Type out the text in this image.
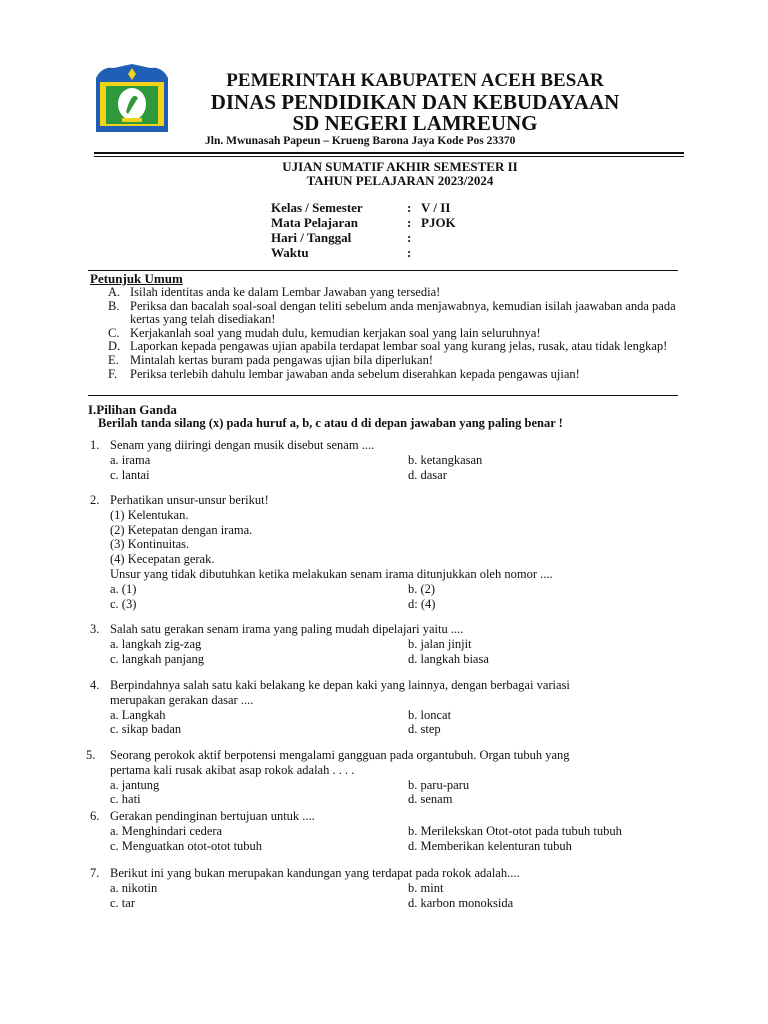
PEMERINTAH KABUPATEN ACEH BESAR
DINAS PENDIDIKAN DAN KEBUDAYAAN
SD NEGERI LAMREUNG
Jln. Mwunasah Papeun – Krueng Barona Jaya Kode Pos 23370
UJIAN SUMATIF AKHIR SEMESTER II
TAHUN PELAJARAN 2023/2024
Kelas / Semester	: V / II
Mata Pelajaran	: PJOK
Hari / Tanggal	:
Waktu	:
Petunjuk Umum
A. Isilah identitas anda ke dalam Lembar Jawaban yang tersedia!
B. Periksa dan bacalah soal-soal dengan teliti sebelum anda menjawabnya, kemudian isilah jaawaban anda pada kertas yang telah disediakan!
C. Kerjakanlah soal yang mudah dulu, kemudian kerjakan soal yang lain seluruhnya!
D. Laporkan kepada pengawas ujian apabila terdapat lembar soal yang kurang jelas, rusak, atau tidak lengkap!
E. Mintalah kertas buram pada pengawas ujian bila diperlukan!
F.	Periksa terlebih dahulu lembar jawaban anda sebelum diserahkan kepada pengawas ujian!
I.Pilihan Ganda
Berilah tanda silang (x) pada huruf a, b, c atau d di depan jawaban yang paling benar !
1. Senam yang diiringi dengan musik disebut senam ....
a. irama	b. ketangkasan
c. lantai	d. dasar
2. Perhatikan unsur-unsur berikut!
(1) Kelentukan.
(2) Ketepatan dengan irama.
(3) Kontinuitas.
(4) Kecepatan gerak.
Unsur yang tidak dibutuhkan ketika melakukan senam irama ditunjukkan oleh nomor ....
a. (1)	b. (2)
c. (3)	d: (4)
3. Salah satu gerakan senam irama yang paling mudah dipelajari yaitu ....
a. langkah zig-zag	b. jalan jinjit
c. langkah panjang	d. langkah biasa
4. Berpindahnya salah satu kaki belakang ke depan kaki yang lainnya, dengan berbagai variasi
merupakan gerakan dasar ....
a. Langkah	b. loncat
c. sikap badan	d. step
5. Seorang perokok aktif berpotensi mengalami gangguan pada organtubuh. Organ tubuh yang
pertama kali rusak akibat asap rokok adalah . . . .
a. jantung	b. paru-paru
c. hati	d. senam
6. Gerakan pendinginan bertujuan untuk ....
a. Menghindari cedera	b. Merilekskan Otot-otot pada tubuh tubuh
c. Menguatkan otot-otot tubuh	d. Memberikan kelenturan tubuh
7. Berikut ini yang bukan merupakan kandungan yang terdapat pada rokok adalah....
a. nikotin	b. mint
c. tar	d. karbon monoksida
